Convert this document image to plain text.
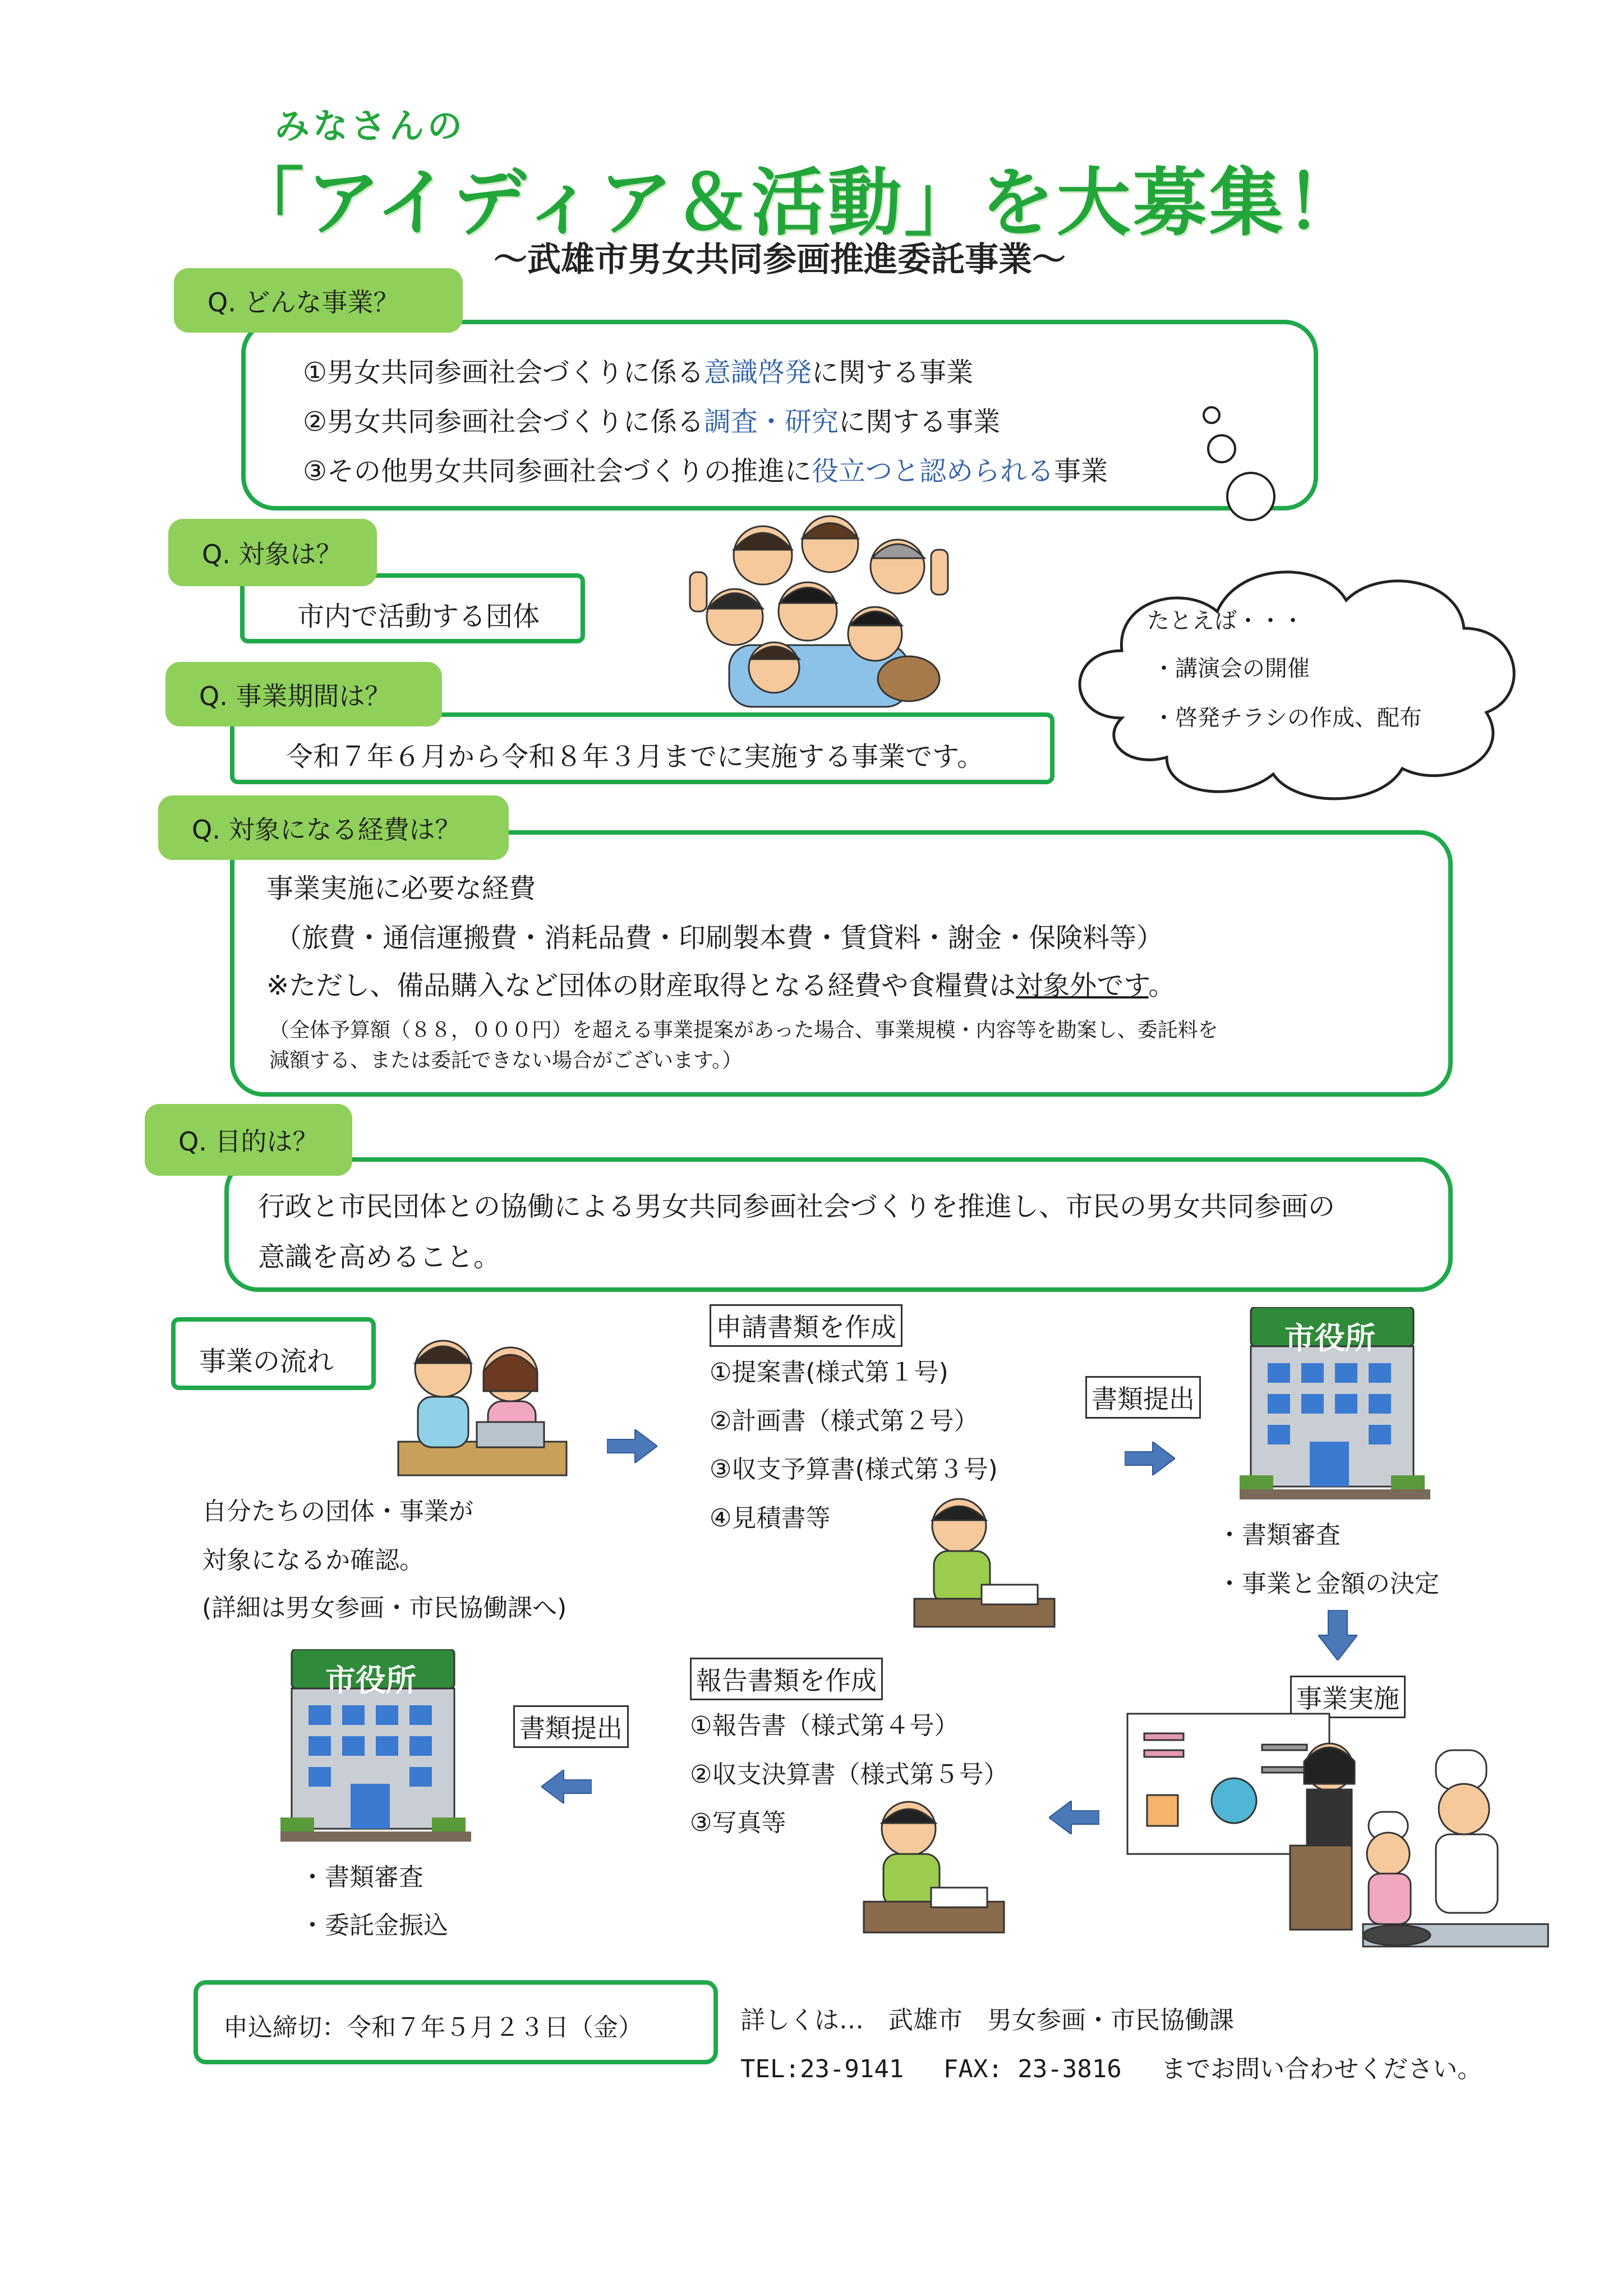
みなさんの
「アイディア＆活動」を大募集！
～武雄市男女共同参画推進委託事業～
Q. どんな事業？
①男女共同参画社会づくりに係る意識啓発に関する事業
②男女共同参画社会づくりに係る調査・研究に関する事業
③その他男女共同参画社会づくりの推進に役立つと認められる事業
Q. 対象は？
市内で活動する団体	たとえば・・・
・講演会の開催
・啓発チラシの作成、配布
Q. 事業期間は？
令和７年６月から令和８年３月までに実施する事業です。
Q. 対象になる経費は？
事業実施に必要な経費
（旅費・通信運搬費・消耗品費・印刷製本費・賃貸料・謝金・保険料等）
※ただし、備品購入など団体の財産取得となる経費や食糧費は対象外です。
（全体予算額（８８，０００円）を超える事業提案があった場合、事業規模・内容等を勘案し、委託料を
減額する、または委託できない場合がございます。）
Q. 目的は？
行政と市民団体との協働による男女共同参画社会づくりを推進し、市民の男女共同参画の
意識を高めること。
事業の流れ
自分たちの団体・事業が
対象になるか確認。
(詳細は男女参画・市民協働課へ)
申請書類を作成
①提案書(様式第１号)
②計画書（様式第２号）
③収支予算書(様式第３号)
④見積書等
書類提出
市役所
・書類審査
・事業と金額の決定
事業実施
報告書類を作成
①報告書（様式第４号）
②収支決算書（様式第５号）
③写真等
書類提出
市役所
・書類審査
・委託金振込
申込締切：令和７年５月２３日（金）	詳しくは…　武雄市　男女参画・市民協働課
TEL:23-9141　 FAX: 23-3816　 までお問い合わせください。
